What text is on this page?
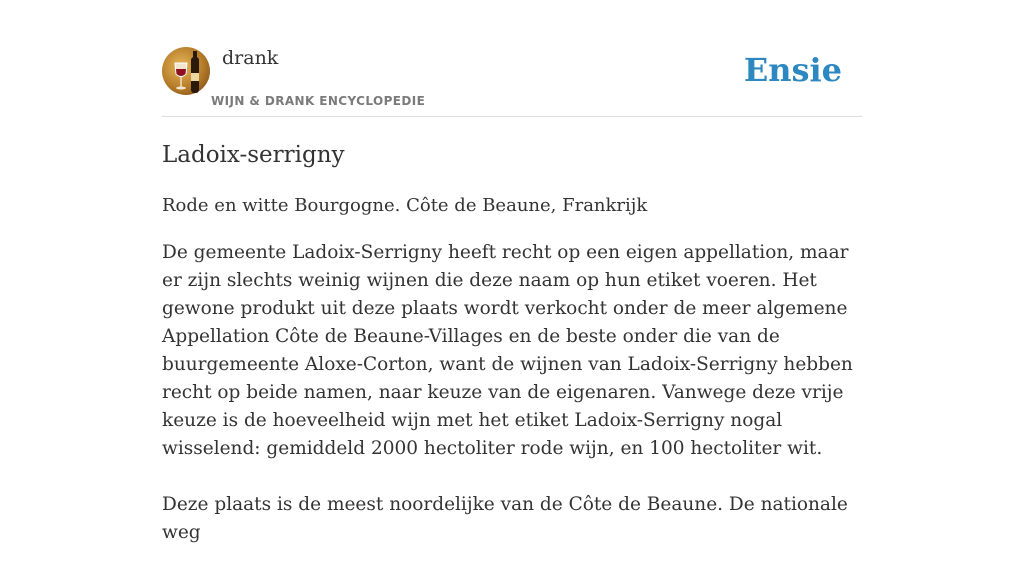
drank
WIJN & DRANK ENCYCLOPEDIE
Ensie
Ladoix-serrigny

Rode en witte Bourgogne. Côte de Beaune, Frankrijk

De gemeente Ladoix-Serrigny heeft recht op een eigen appellation, maar er zijn slechts weinig wijnen die deze naam op hun etiket voeren. Het gewone produkt uit deze plaats wordt verkocht onder de meer algemene Appellation Côte de Beaune-Villages en de beste onder die van de buurgemeente Aloxe-Corton, want de wijnen van Ladoix-Serrigny hebben recht op beide namen, naar keuze van de eigenaren. Vanwege deze vrije keuze is de hoeveelheid wijn met het etiket Ladoix-Serrigny nogal wisselend: gemiddeld 2000 hectoliter rode wijn, en 100 hectoliter wit.

Deze plaats is de meest noordelijke van de Côte de Beaune. De nationale weg
